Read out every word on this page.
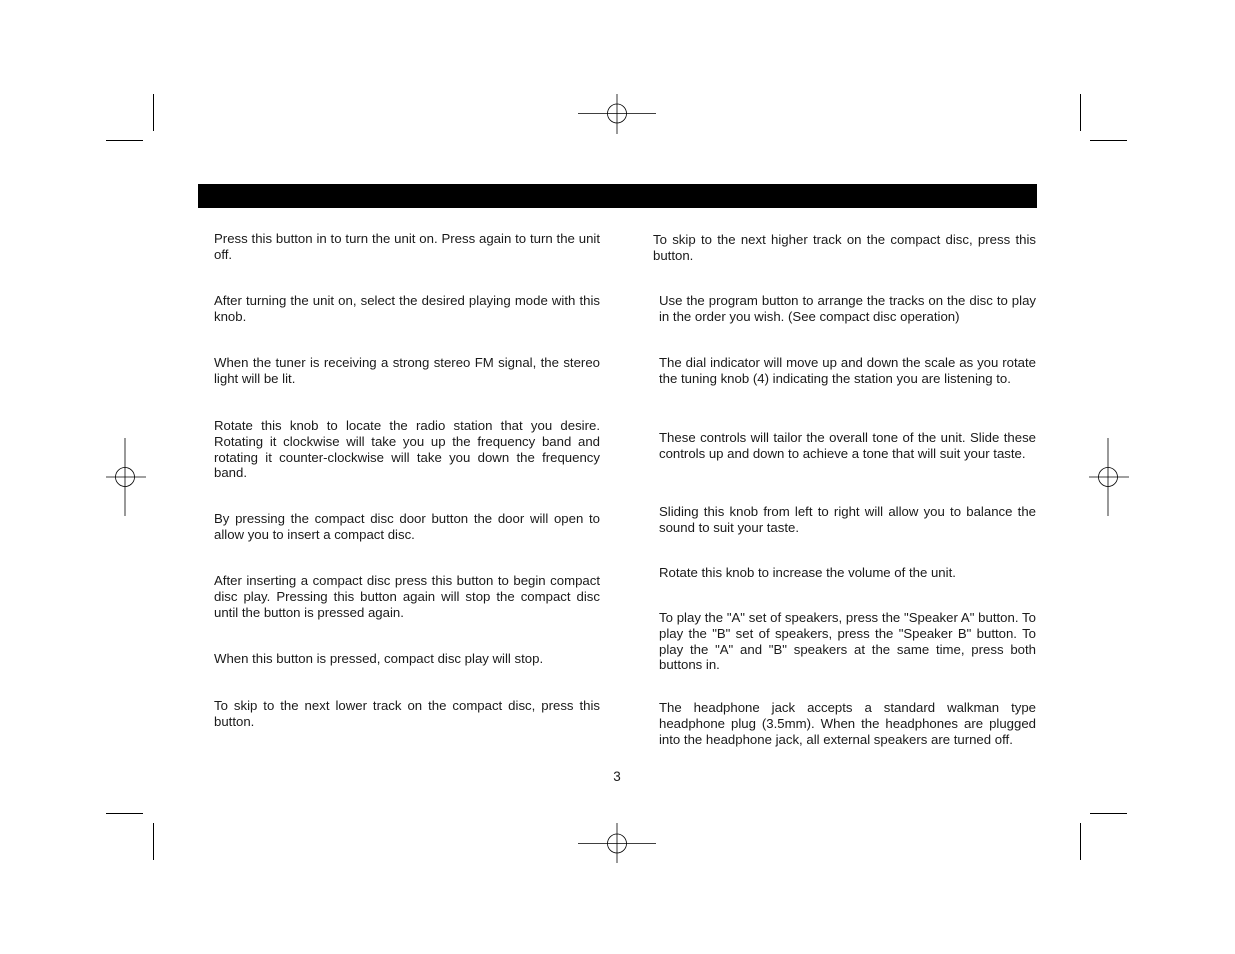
Press this button in to turn the unit on. Press again to turn the unit off.

After turning the unit on, select the desired playing mode with this knob.

When the tuner is receiving a strong stereo FM signal, the stereo light will be lit.

Rotate this knob to locate the radio station that you desire. Rotating it clockwise will take you up the frequency band and rotating it counter-clockwise will take you down the frequency band.

By pressing the compact disc door button the door will open to allow you to insert a compact disc.

After inserting a compact disc press this button to begin compact disc play. Pressing this button again will stop the compact disc until the button is pressed again.

When this button is pressed, compact disc play will stop.

To skip to the next lower track on the compact disc, press this button.

To skip to the next higher track on the compact disc, press this button.

Use the program button to arrange the tracks on the disc to play in the order you wish. (See compact disc operation)

The dial indicator will move up and down the scale as you rotate the tuning knob (4) indicating the station you are listening to.

These controls will tailor the overall tone of the unit. Slide these controls up and down to achieve a tone that will suit your taste.

Sliding this knob from left to right will allow you to balance the sound to suit your taste.

Rotate this knob to increase the volume of the unit.

To play the "A" set of speakers, press the "Speaker A" button. To play the "B" set of speakers, press the "Speaker B" button. To play the "A" and "B" speakers at the same time, press both buttons in.

The headphone jack accepts a standard walkman type headphone plug (3.5mm). When the headphones are plugged into the headphone jack, all external speakers are turned off.

3
